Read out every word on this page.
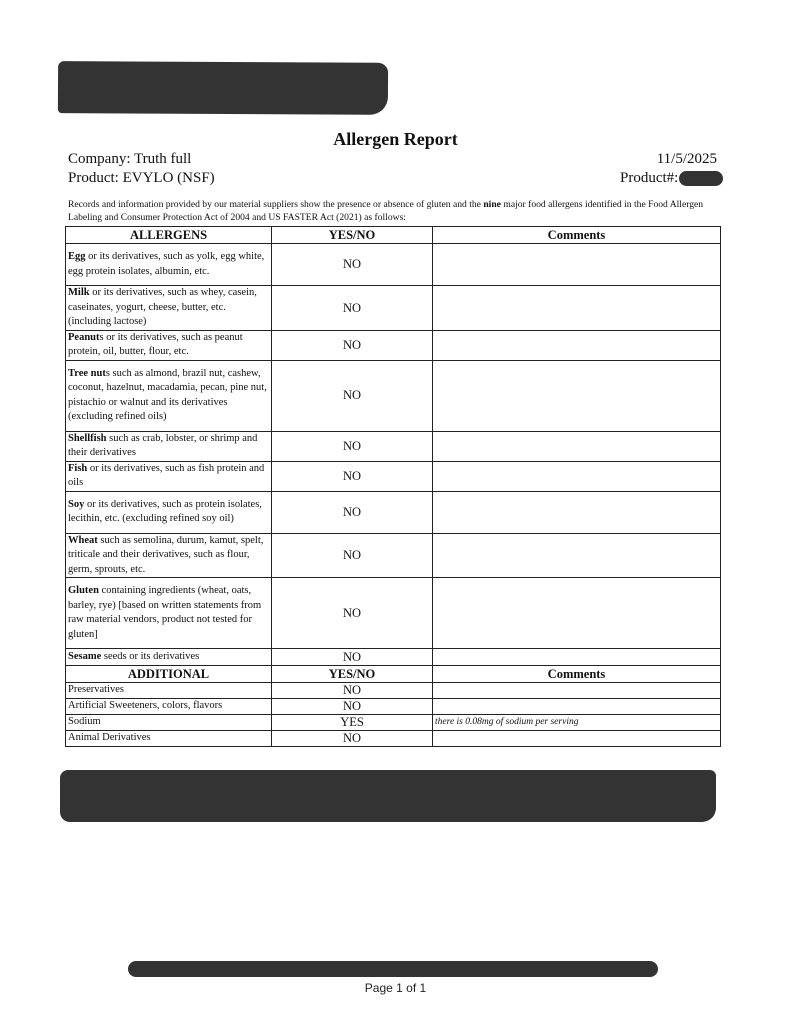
Allergen Report
Company: Truth full
Product: EVYLO (NSF)
11/5/2025
Product#:
Records and information provided by our material suppliers show the presence or absence of gluten and the nine major food allergens identified in the Food Allergen Labeling and Consumer Protection Act of 2004 and US FASTER Act (2021) as follows:
ALLERGENS	YES/NO	Comments
Egg or its derivatives, such as yolk, egg white, egg protein isolates, albumin, etc.	NO	
Milk or its derivatives, such as whey, casein, caseinates, yogurt, cheese, butter, etc. (including lactose)	NO	
Peanuts or its derivatives, such as peanut protein, oil, butter, flour, etc.	NO	
Tree nuts such as almond, brazil nut, cashew, coconut, hazelnut, macadamia, pecan, pine nut, pistachio or walnut and its derivatives (excluding refined oils)	NO	
Shellfish such as crab, lobster, or shrimp and their derivatives	NO	
Fish or its derivatives, such as fish protein and oils	NO	
Soy or its derivatives, such as protein isolates, lecithin, etc. (excluding refined soy oil)	NO	
Wheat such as semolina, durum, kamut, spelt, triticale and their derivatives, such as flour, germ, sprouts, etc.	NO	
Gluten containing ingredients (wheat, oats, barley, rye) [based on written statements from raw material vendors, product not tested for gluten]	NO	
Sesame seeds or its derivatives	NO	
ADDITIONAL	YES/NO	Comments
Preservatives	NO	
Artificial Sweeteners, colors, flavors	NO	
Sodium	YES	there is 0.08mg of sodium per serving
Animal Derivatives	NO	
Page 1 of 1
